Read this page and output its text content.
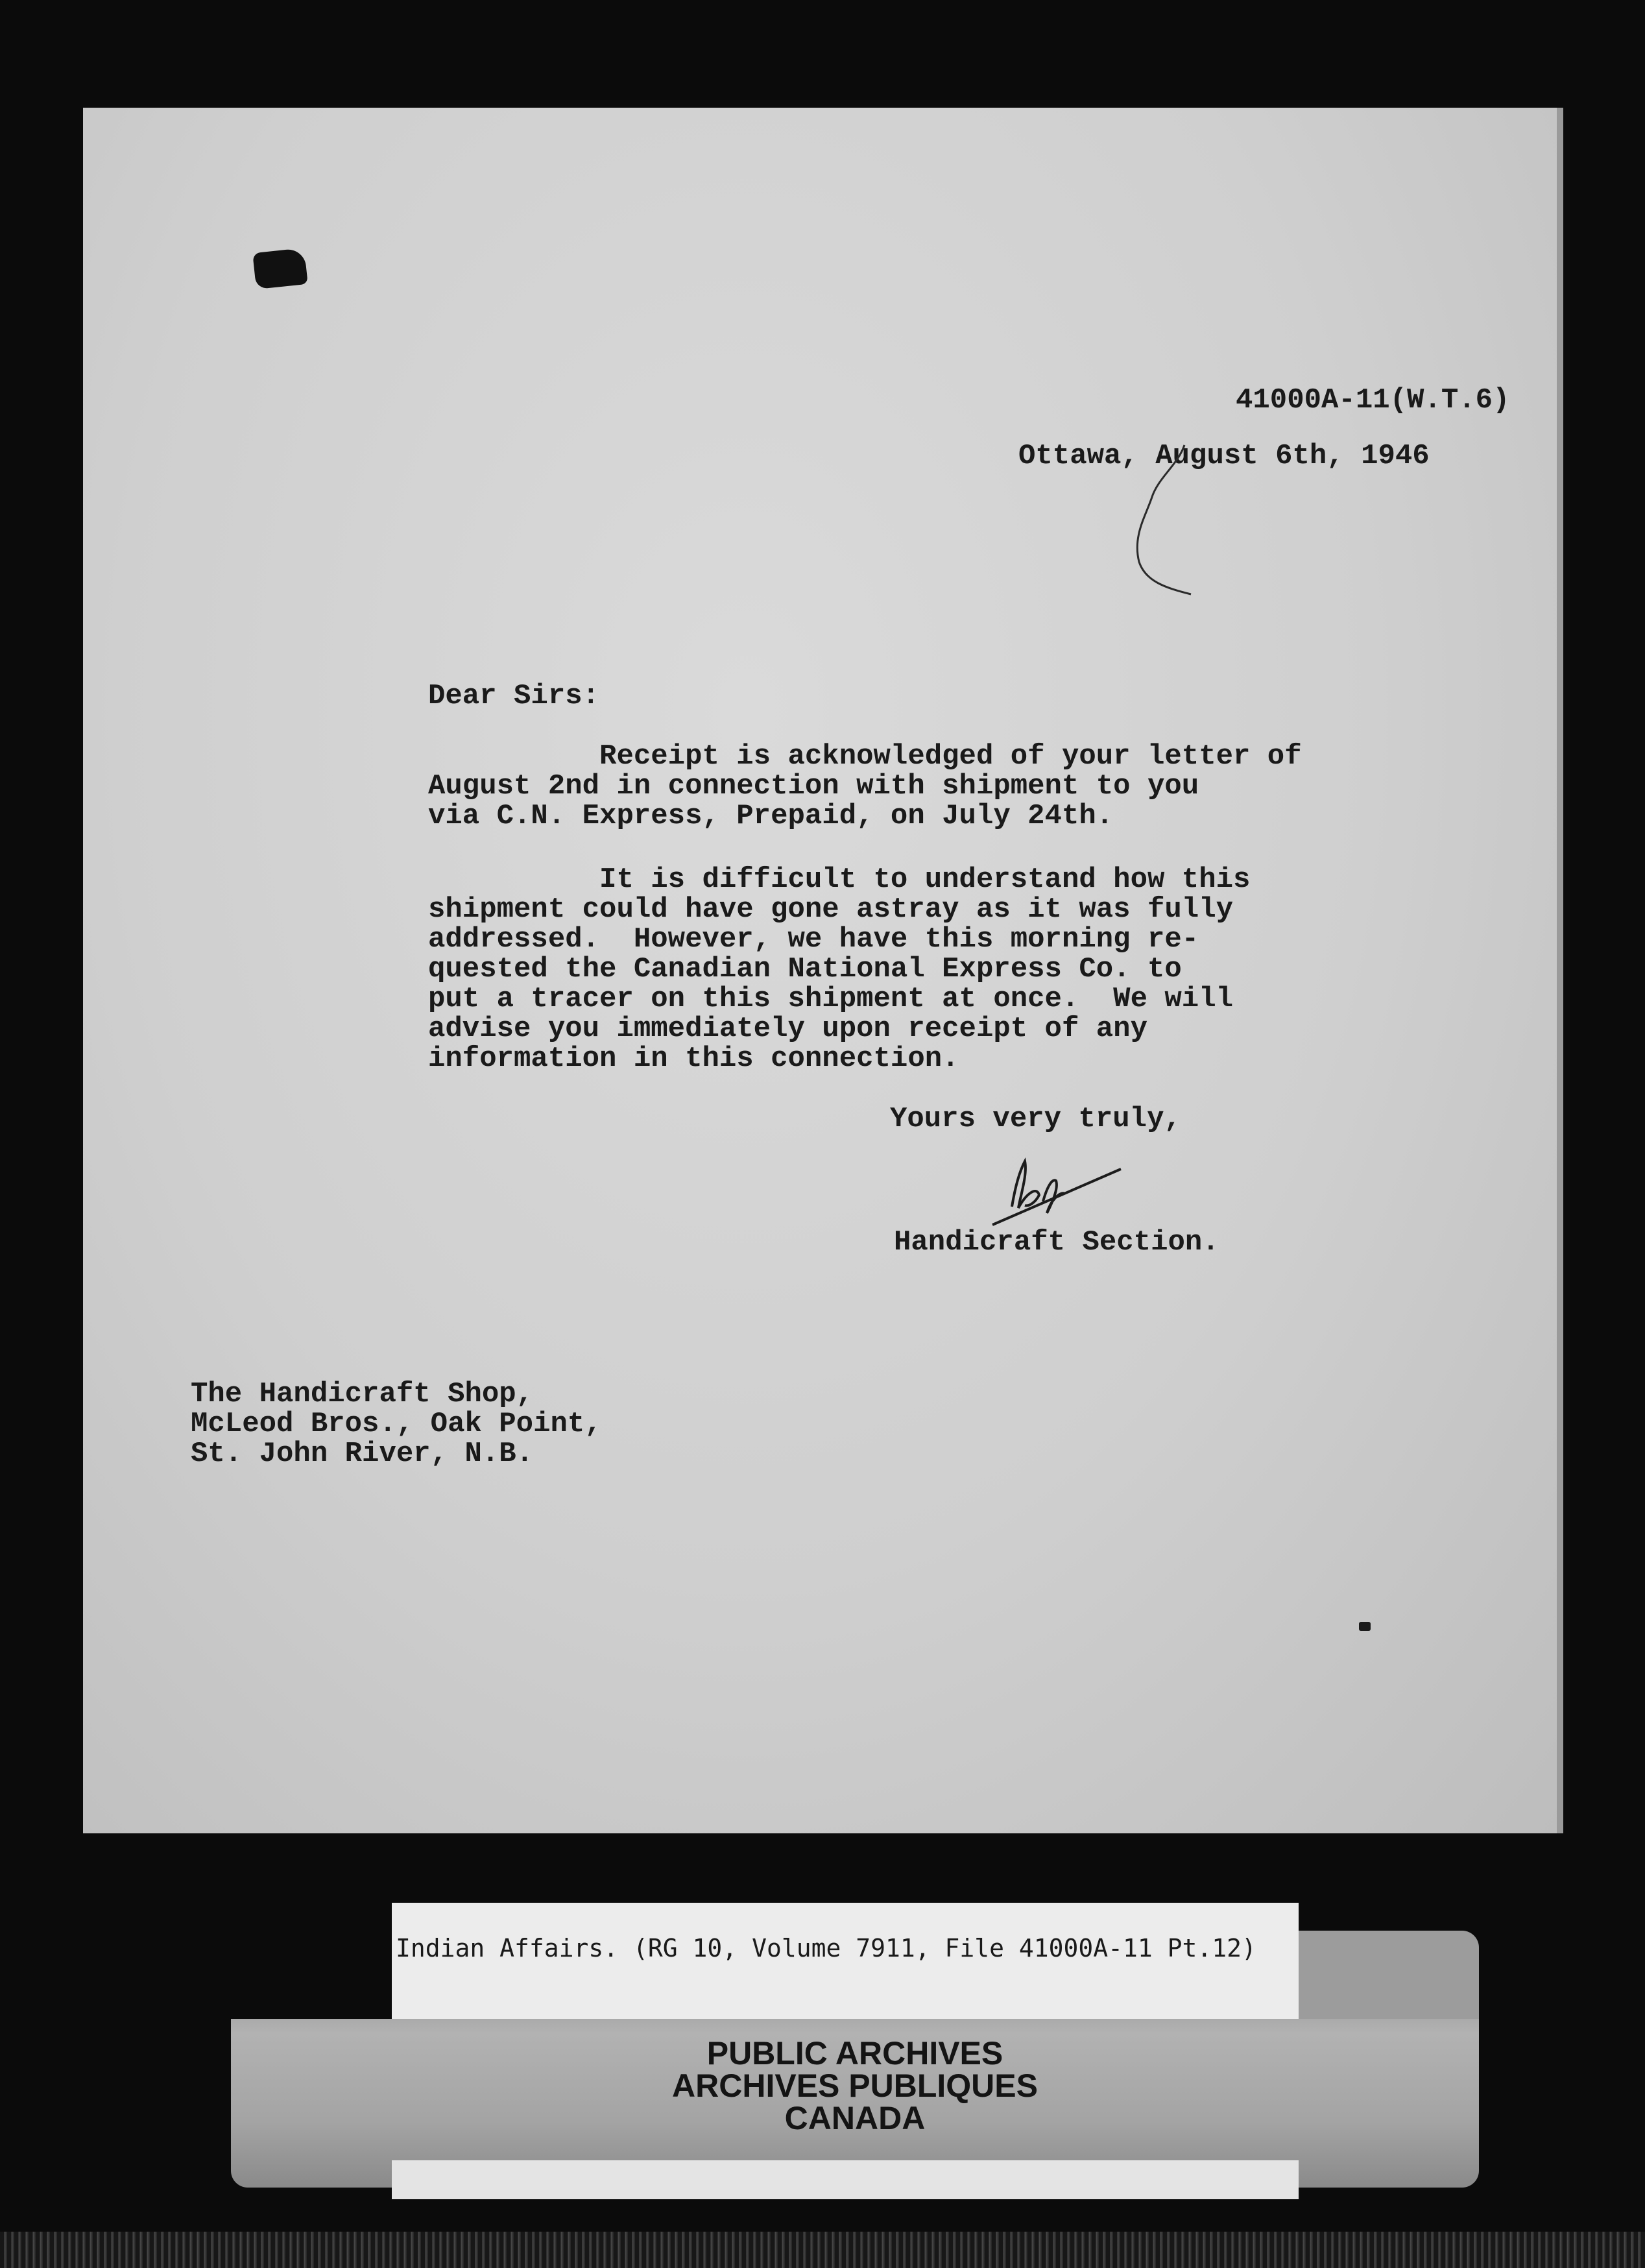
41000A-11(W.T.6)

Ottawa, August 6th, 1946

Dear Sirs:

Receipt is acknowledged of your letter of
August 2nd in connection with shipment to you
via C.N. Express, Prepaid, on July 24th.

It is difficult to understand how this
shipment could have gone astray as it was fully
addressed.  However, we have this morning re-
quested the Canadian National Express Co. to
put a tracer on this shipment at once.  We will
advise you immediately upon receipt of any
information in this connection.

Yours very truly,

Handicraft Section.

The Handicraft Shop,
McLeod Bros., Oak Point,
St. John River, N.B.

Indian Affairs. (RG 10, Volume 7911, File 41000A-11 Pt.12)

PUBLIC ARCHIVES
ARCHIVES PUBLIQUES
CANADA
